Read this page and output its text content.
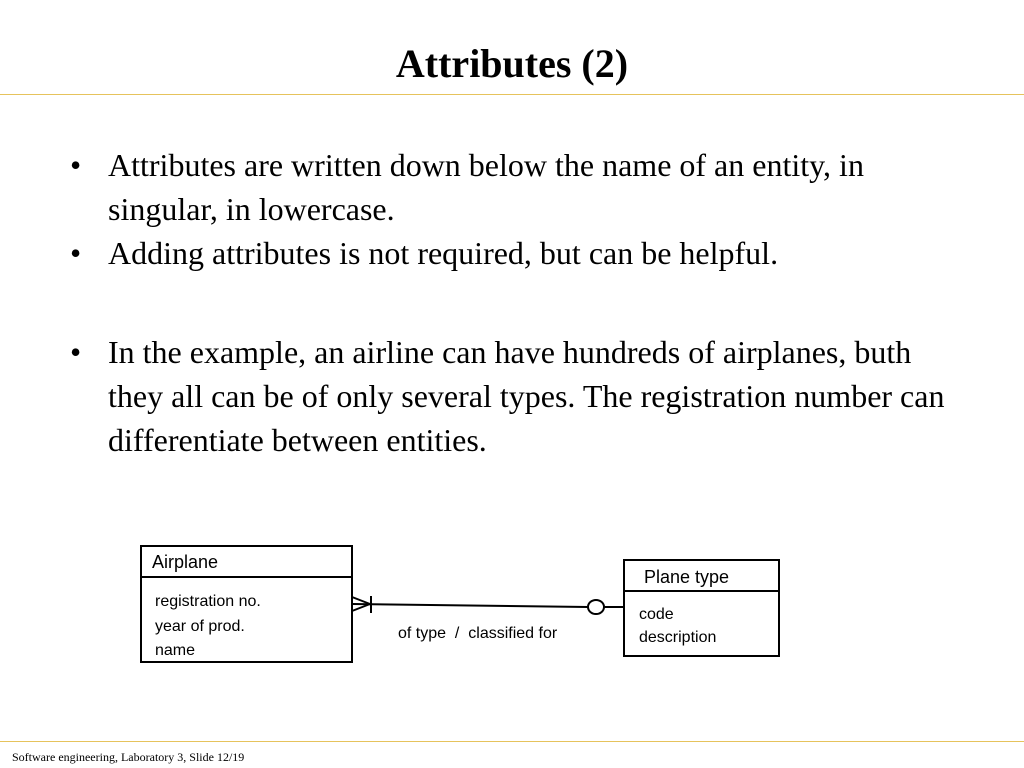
Attributes (2)
• Attributes are written down below the name of an entity, in singular, in lowercase.
• Adding attributes is not required, but can be helpful.
• In the example, an airline can have hundreds of airplanes, buth they all can be of only several types. The registration number can differentiate between entities.
Airplane
registration no.
year of prod.
name
of type  /  classified for
Plane type
code
description
Software engineering, Laboratory 3, Slide 12/19
